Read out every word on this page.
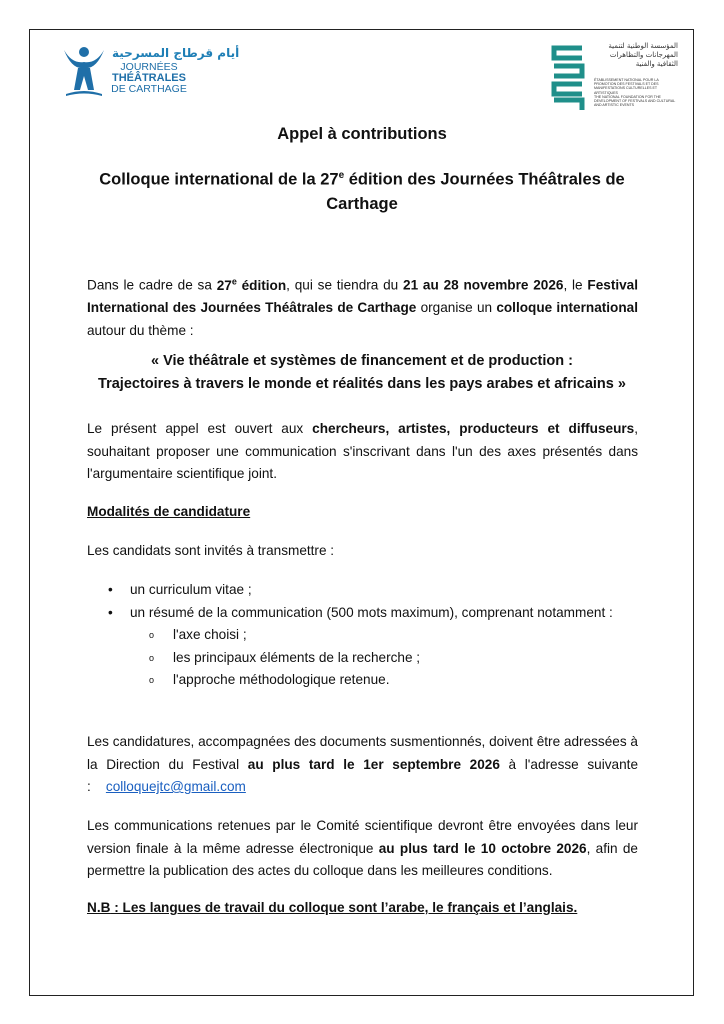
أيام قرطاج المسرحية
JOURNÉES
THÉÂTRALES
DE CARTHAGE
المؤسسة الوطنية لتنمية المهرجانات والتظاهرات الثقافية والفنية
ÉTABLISSEMENT NATIONAL POUR LA PROMOTION DES FESTIVALS ET DES MANIFESTATIONS CULTURELLES ET ARTISTIQUES
THE NATIONAL FOUNDATION FOR THE DEVELOPMENT OF FESTIVALS AND CULTURAL AND ARTISTIC EVENTS
Appel à contributions
Colloque international de la 27e édition des Journées Théâtrales de Carthage
Dans le cadre de sa 27e édition, qui se tiendra du 21 au 28 novembre 2026, le Festival International des Journées Théâtrales de Carthage organise un colloque international autour du thème :
« Vie théâtrale et systèmes de financement et de production :
Trajectoires à travers le monde et réalités dans les pays arabes et africains »
Le présent appel est ouvert aux chercheurs, artistes, producteurs et diffuseurs, souhaitant proposer une communication s'inscrivant dans l'un des axes présentés dans l'argumentaire scientifique joint.
Modalités de candidature
Les candidats sont invités à transmettre :
• un curriculum vitae ;
• un résumé de la communication (500 mots maximum), comprenant notamment :
o l'axe choisi ;
o les principaux éléments de la recherche ;
o l'approche méthodologique retenue.
Les candidatures, accompagnées des documents susmentionnés, doivent être adressées à la Direction du Festival au plus tard le 1er septembre 2026 à l'adresse suivante : colloquejtc@gmail.com
Les communications retenues par le Comité scientifique devront être envoyées dans leur version finale à la même adresse électronique au plus tard le 10 octobre 2026, afin de permettre la publication des actes du colloque dans les meilleures conditions.
N.B : Les langues de travail du colloque sont l’arabe, le français et l’anglais.
